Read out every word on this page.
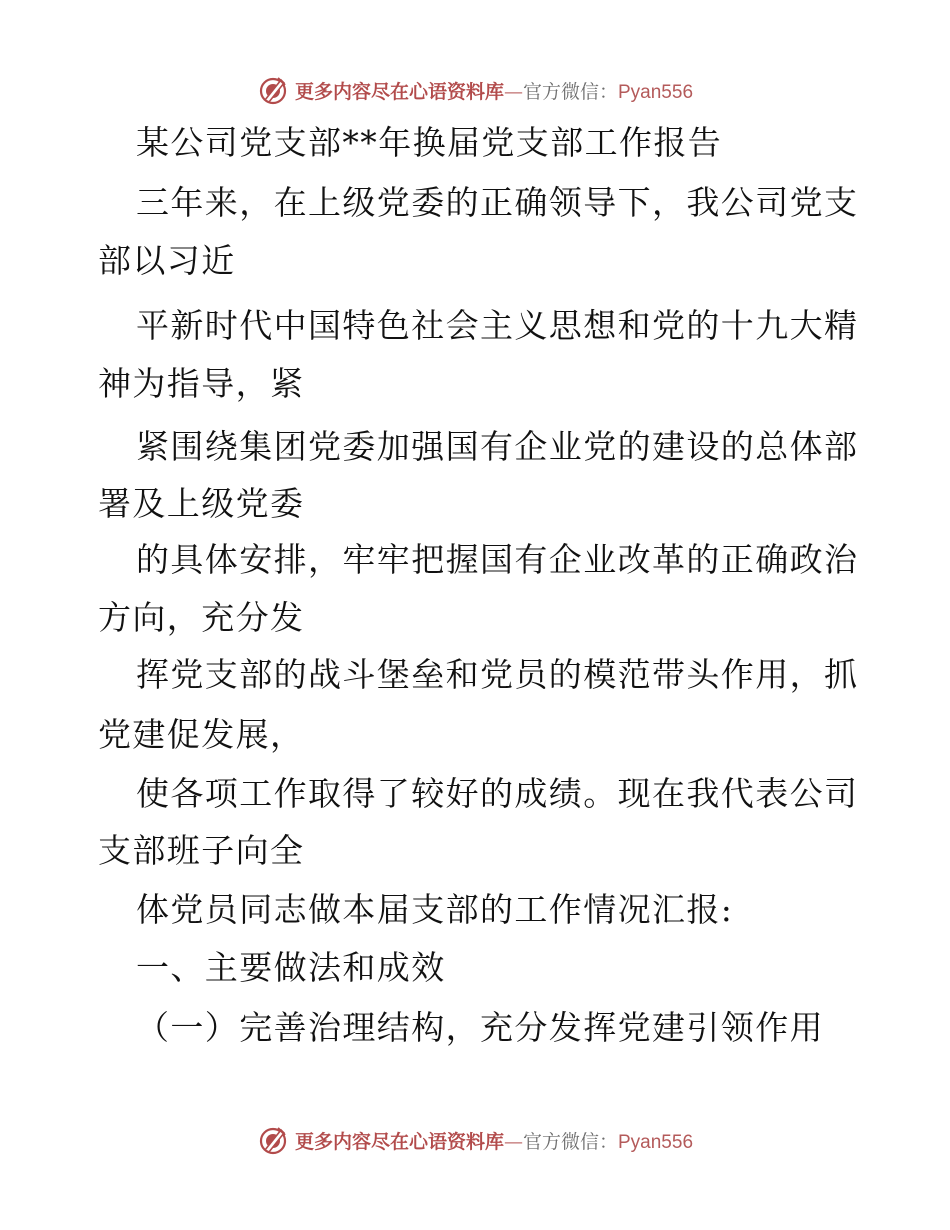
更多内容尽在心语资料库—官方微信：Pyan556
某公司党支部**年换届党支部工作报告
三年来，在上级党委的正确领导下，我公司党支
部以习近
平新时代中国特色社会主义思想和党的十九大精
神为指导，紧
紧围绕集团党委加强国有企业党的建设的总体部
署及上级党委
的具体安排，牢牢把握国有企业改革的正确政治
方向，充分发
挥党支部的战斗堡垒和党员的模范带头作用，抓
党建促发展，
使各项工作取得了较好的成绩。现在我代表公司
支部班子向全
体党员同志做本届支部的工作情况汇报:
一、主要做法和成效
（一）完善治理结构，充分发挥党建引领作用
更多内容尽在心语资料库—官方微信：Pyan556
